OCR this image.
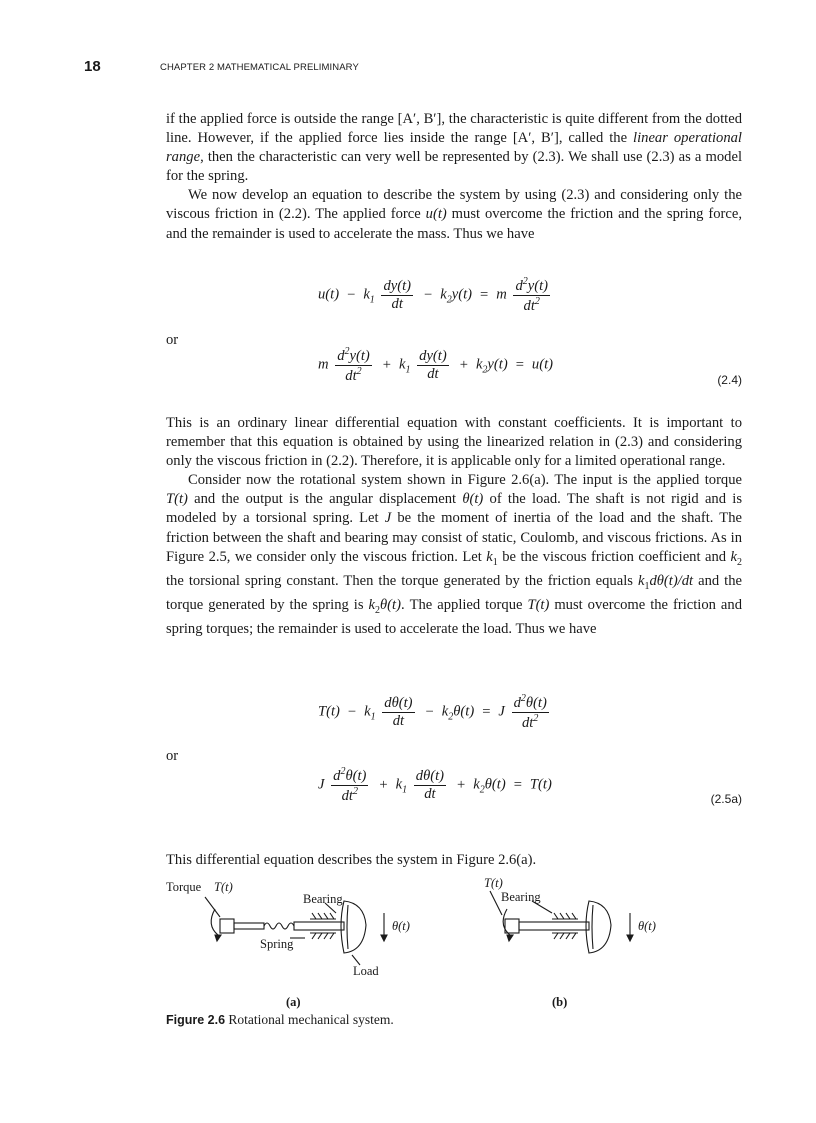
18	CHAPTER 2 MATHEMATICAL PRELIMINARY

if the applied force is outside the range [A′, B′], the characteristic is quite different from the dotted line. However, if the applied force lies inside the range [A′, B′], called the linear operational range, then the characteristic can very well be represented by (2.3). We shall use (2.3) as a model for the spring.

We now develop an equation to describe the system by using (2.3) and considering only the viscous friction in (2.2). The applied force u(t) must overcome the friction and the spring force, and the remainder is used to accelerate the mass. Thus we have

$u(t) - k_1 \frac{dy(t)}{dt} - k_2y(t) = m \frac{d^2y(t)}{dt^2}$
or
m $\frac{d^2y(t)}{dt^2} + k_1 \frac{dy(t)}{dt} + k_2y(t) = u(t)$
(2.4)

This is an ordinary linear differential equation with constant coefficients. It is important to remember that this equation is obtained by using the linearized relation in (2.3) and considering only the viscous friction in (2.2). Therefore, it is applicable only for a limited operational range.

Consider now the rotational system shown in Figure 2.6(a). The input is the applied torque T(t) and the output is the angular displacement θ(t) of the load. The shaft is not rigid and is modeled by a torsional spring. Let J be the moment of inertia of the load and the shaft. The friction between the shaft and bearing may consist of static, Coulomb, and viscous frictions. As in Figure 2.5, we consider only the viscous friction. Let $k_1$ be the viscous friction coefficient and $k_2$ the torsional spring constant. Then the torque generated by the friction equals $k_1d\theta(t)/dt$ and the torque generated by the spring is $k_2\theta(t)$. The applied torque T(t) must overcome the friction and spring torques; the remainder is used to accelerate the load. Thus we have

$T(t) - k_1 \frac{d\theta(t)}{dt} - k_2\theta(t) = J \frac{d^2\theta(t)}{dt^2}$
or
J $\frac{d^2\theta(t)}{dt^2} + k_1 \frac{d\theta(t)}{dt} + k_2\theta(t) = T(t)$
(2.5a)
This differential equation describes the system in Figure 2.6(a).
Torque T(t)
Bearing
Spring
θ(t)
Load
(a)
T(t)
Bearing
θ(t)
(b)
Figure 2.6 Rotational mechanical system.
